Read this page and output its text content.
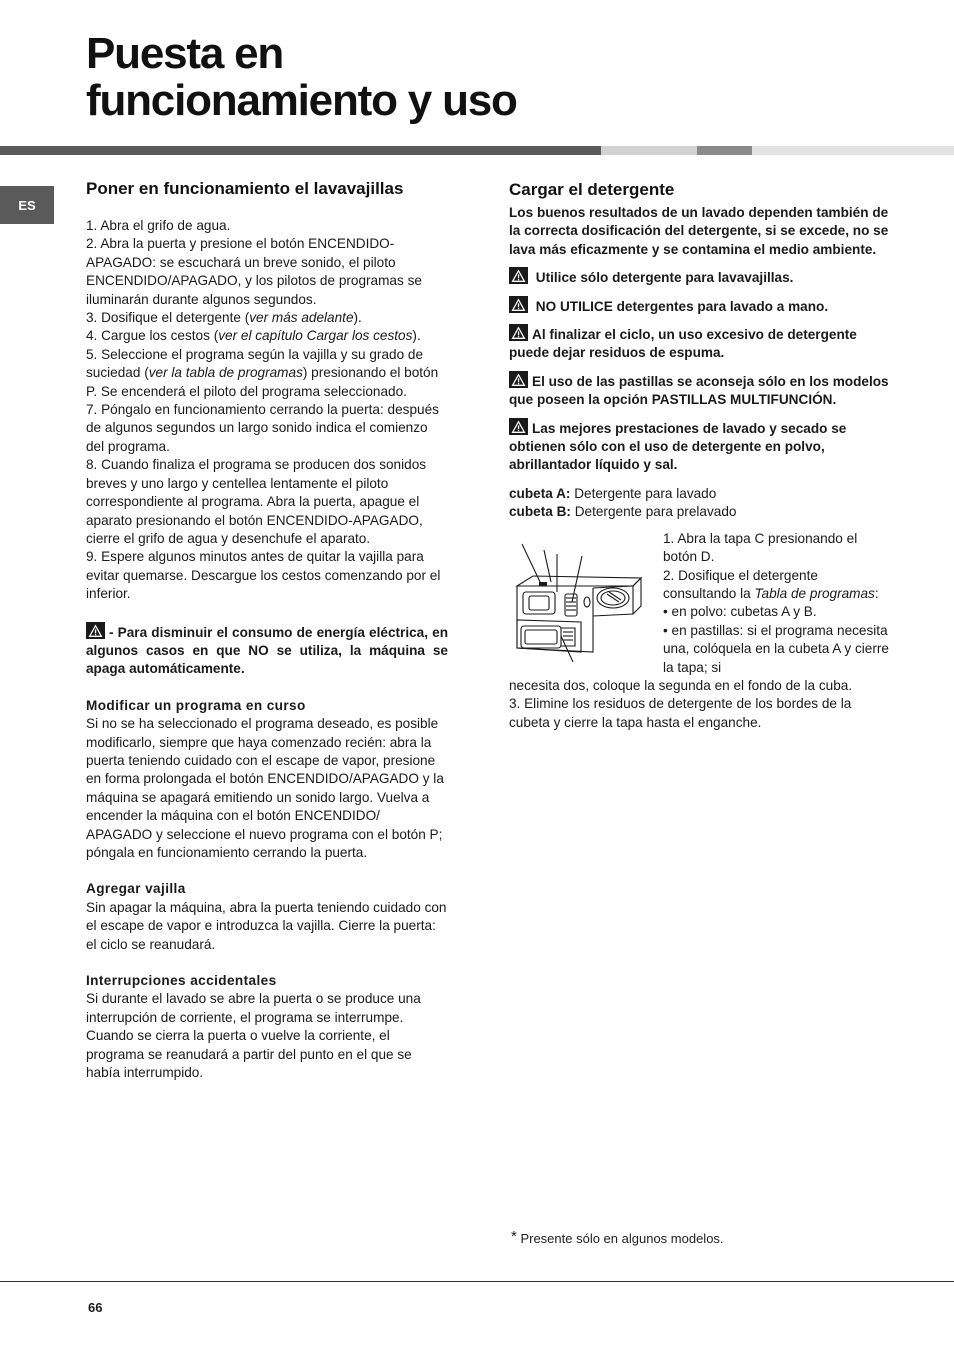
Puesta en
funcionamiento y uso
ES
Poner en funcionamiento el lavavajillas

1. Abra el grifo de agua.

2. Abra la puerta y presione el botón ENCENDIDO-APAGADO: se escuchará un breve sonido, el piloto ENCENDIDO/APAGADO, y los pilotos de programas se iluminarán durante algunos segundos.

3. Dosifique el detergente (ver más adelante).

4. Cargue los cestos (ver el capítulo Cargar los cestos).

5. Seleccione el programa según la vajilla y su grado de suciedad (ver la tabla de programas) presionando el botón P. Se encenderá el piloto del programa seleccionado.

7. Póngalo en funcionamiento cerrando la puerta: después de algunos segundos un largo sonido indica el comienzo del programa.

8. Cuando finaliza el programa se producen dos sonidos breves y uno largo y centellea lentamente el piloto correspondiente al programa. Abra la puerta, apague el aparato presionando el botón ENCENDIDO-APAGADO, cierre el grifo de agua y desenchufe el aparato.

9. Espere algunos minutos antes de quitar la vajilla para evitar quemarse. Descargue los cestos comenzando por el inferior.

- Para disminuir el consumo de energía eléctrica, en algunos casos en que NO se utiliza, la máquina se apaga automáticamente.

Modificar un programa en curso

Si no se ha seleccionado el programa deseado, es posible modificarlo, siempre que haya comenzado recién: abra la puerta teniendo cuidado con el escape de vapor, presione en forma prolongada el botón ENCENDIDO/APAGADO y la máquina se apagará emitiendo un sonido largo. Vuelva a encender la máquina con el botón ENCENDIDO/ APAGADO y seleccione el nuevo programa con el botón P; póngala en funcionamiento cerrando la puerta.

Agregar vajilla

Sin apagar la máquina, abra la puerta teniendo cuidado con el escape de vapor e introduzca la vajilla. Cierre la puerta: el ciclo se reanudará.

Interrupciones accidentales

Si durante el lavado se abre la puerta o se produce una interrupción de corriente, el programa se interrumpe. Cuando se cierra la puerta o vuelve la corriente, el programa se reanudará a partir del punto en el que se había interrumpido.

Cargar el detergente

Los buenos resultados de un lavado dependen también de la correcta dosificación del detergente, si se excede, no se lava más eficazmente y se contamina el medio ambiente.

Utilice sólo detergente para lavavajillas.

NO UTILICE detergentes para lavado a mano.

Al finalizar el ciclo, un uso excesivo de detergente puede dejar residuos de espuma.

El uso de las pastillas se aconseja sólo en los modelos que poseen la opción PASTILLAS MULTIFUNCIÓN.

Las mejores prestaciones de lavado y secado se obtienen sólo con el uso de detergente en polvo, abrillantador líquido y sal.

cubeta A: Detergente para lavado

cubeta B: Detergente para prelavado

1. Abra la tapa C presionando el botón D.

2. Dosifique el detergente consultando la Tabla de programas:

• en polvo: cubetas A y B.

• en pastillas: si el programa necesita una, colóquela en la cubeta A y cierre la tapa; si

necesita dos, coloque la segunda en el fondo de la cuba.

3. Elimine los residuos de detergente de los bordes de la cubeta y cierre la tapa hasta el enganche.

* Presente sólo en algunos modelos.
66
